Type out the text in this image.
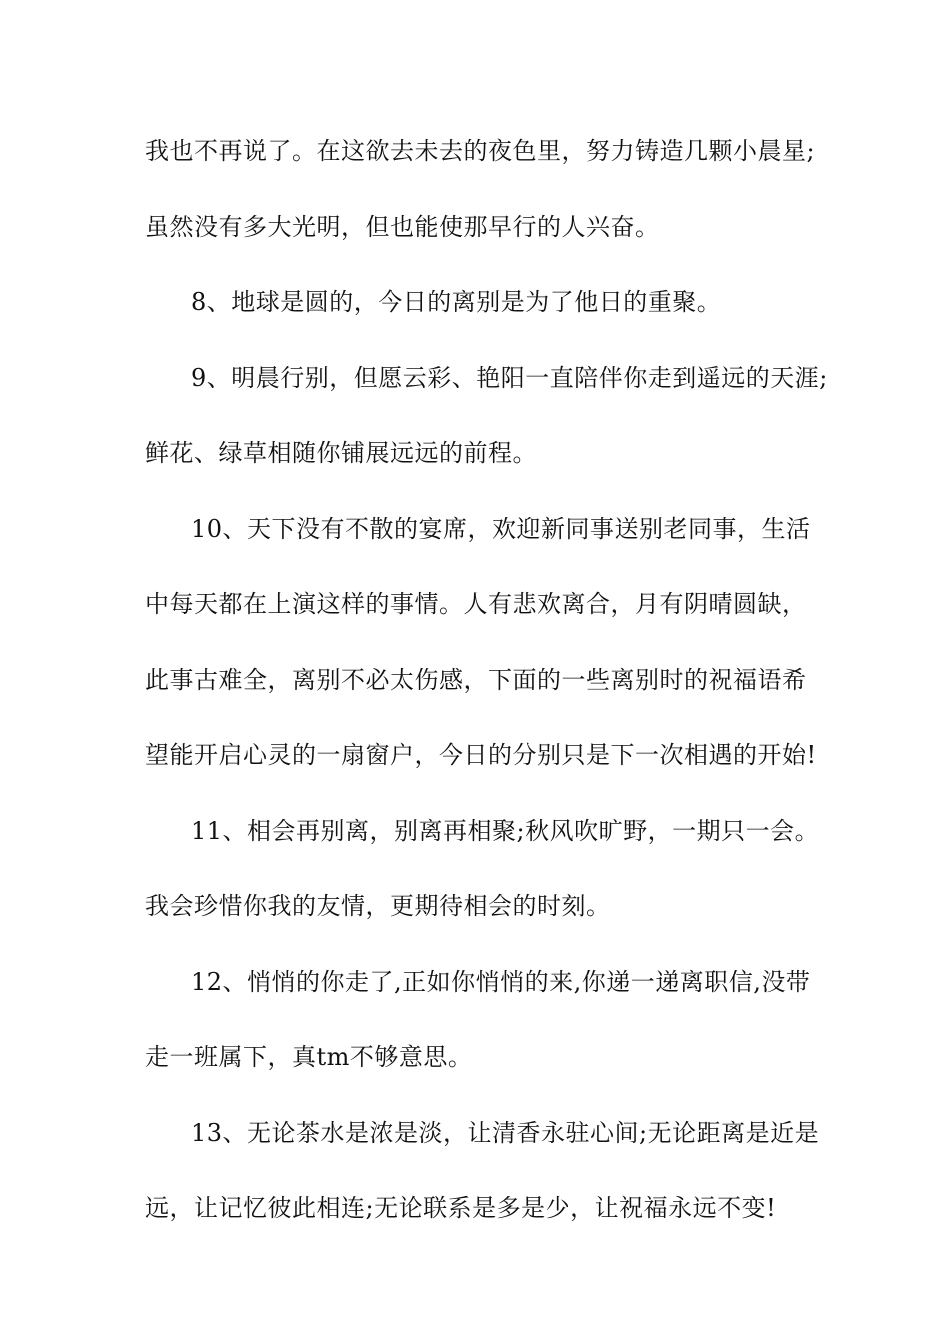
我也不再说了。在这欲去未去的夜色里，努力铸造几颗小晨星;
虽然没有多大光明，但也能使那早行的人兴奋。
8、地球是圆的，今日的离别是为了他日的重聚。
9、明晨行别，但愿云彩、艳阳一直陪伴你走到遥远的天涯;
鲜花、绿草相随你铺展远远的前程。
10、天下没有不散的宴席，欢迎新同事送别老同事，生活
中每天都在上演这样的事情。人有悲欢离合，月有阴晴圆缺，
此事古难全，离别不必太伤感，下面的一些离别时的祝福语希
望能开启心灵的一扇窗户，今日的分别只是下一次相遇的开始!
11、相会再别离，别离再相聚;秋风吹旷野，一期只一会。
我会珍惜你我的友情，更期待相会的时刻。
12、悄悄的你走了,正如你悄悄的来,你递一递离职信,没带
走一班属下，真tm不够意思。
13、无论茶水是浓是淡，让清香永驻心间;无论距离是近是
远，让记忆彼此相连;无论联系是多是少，让祝福永远不变!
